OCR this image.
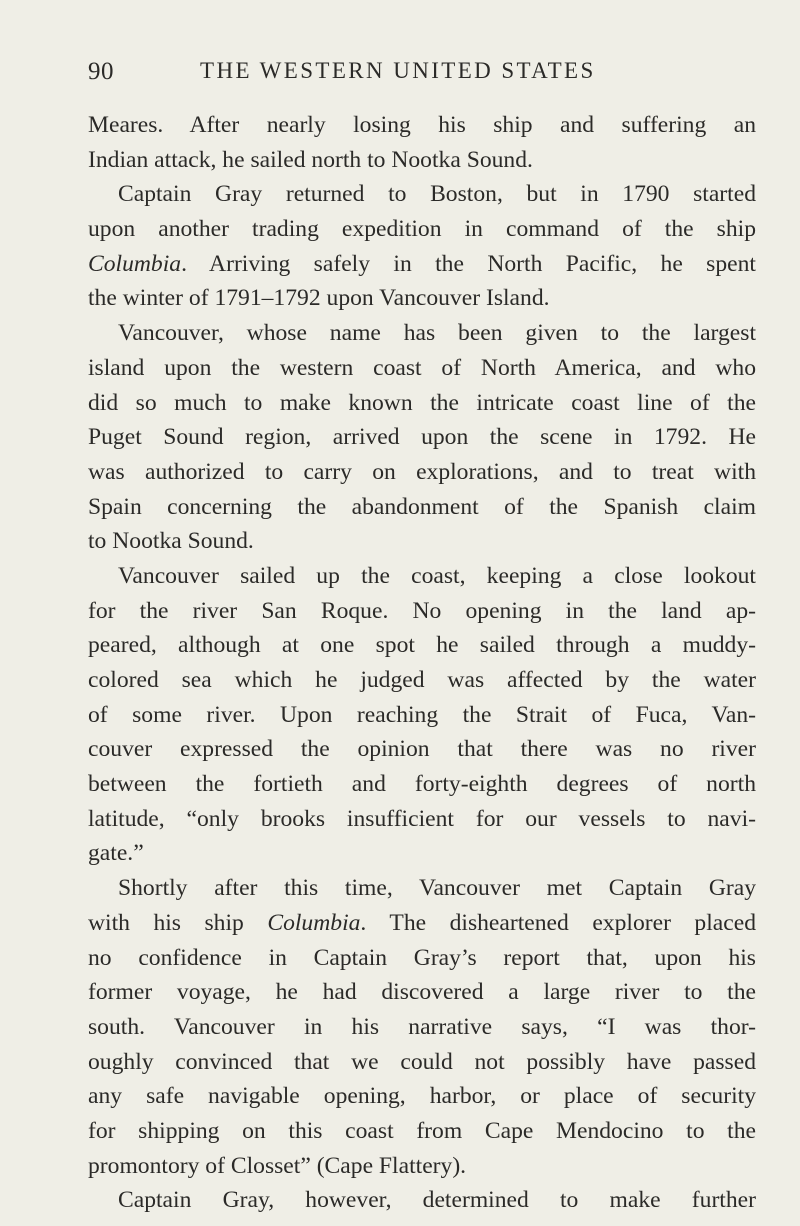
90	THE WESTERN UNITED STATES
Meares. After nearly losing his ship and suffering an
Indian attack, he sailed north to Nootka Sound.
Captain Gray returned to Boston, but in 1790 started
upon another trading expedition in command of the ship
Columbia. Arriving safely in the North Pacific, he spent
the winter of 1791–1792 upon Vancouver Island.
Vancouver, whose name has been given to the largest
island upon the western coast of North America, and who
did so much to make known the intricate coast line of the
Puget Sound region, arrived upon the scene in 1792. He
was authorized to carry on explorations, and to treat with
Spain concerning the abandonment of the Spanish claim
to Nootka Sound.
Vancouver sailed up the coast, keeping a close lookout
for the river San Roque. No opening in the land ap-
peared, although at one spot he sailed through a muddy-
colored sea which he judged was affected by the water
of some river. Upon reaching the Strait of Fuca, Van-
couver expressed the opinion that there was no river
between the fortieth and forty-eighth degrees of north
latitude, “only brooks insufficient for our vessels to navi-
gate.”
Shortly after this time, Vancouver met Captain Gray
with his ship Columbia. The disheartened explorer placed
no confidence in Captain Gray’s report that, upon his
former voyage, he had discovered a large river to the
south. Vancouver in his narrative says, “I was thor-
oughly convinced that we could not possibly have passed
any safe navigable opening, harbor, or place of security
for shipping on this coast from Cape Mendocino to the
promontory of Closset” (Cape Flattery).
Captain Gray, however, determined to make further
